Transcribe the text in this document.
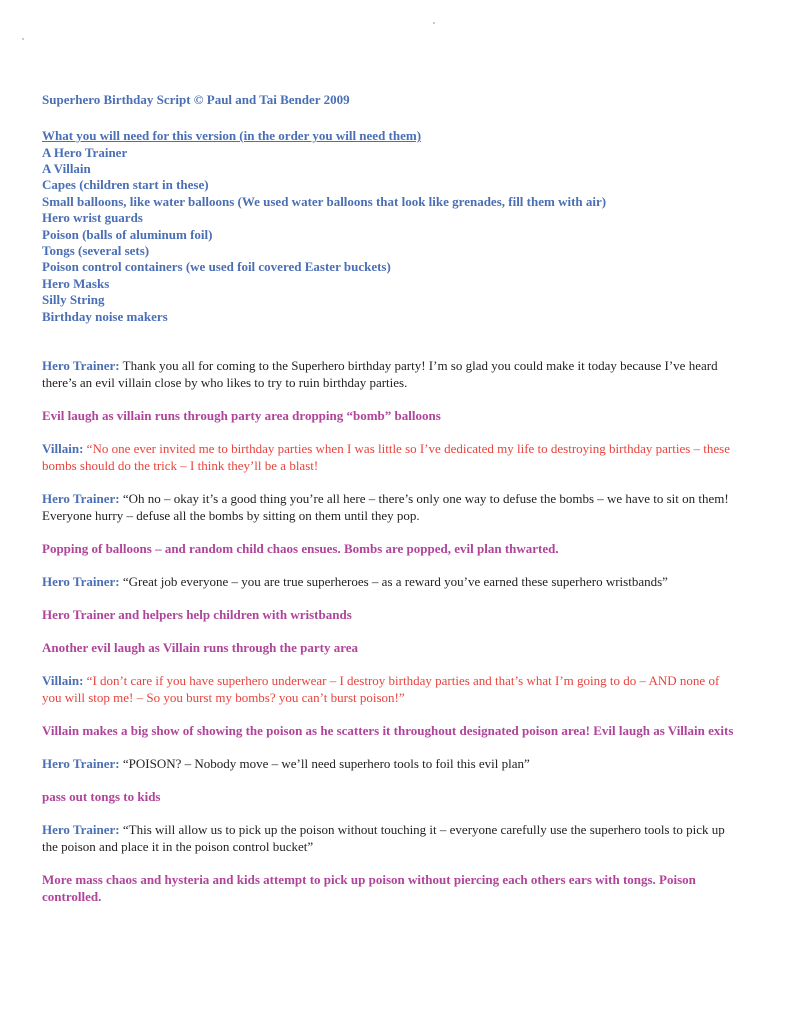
Superhero Birthday Script © Paul and Tai Bender 2009
What you will need for this version (in the order you will need them)
A Hero Trainer
A Villain
Capes (children start in these)
Small balloons, like water balloons (We used water balloons that look like grenades, fill them with air)
Hero wrist guards
Poison (balls of aluminum foil)
Tongs (several sets)
Poison control containers (we used foil covered Easter buckets)
Hero Masks
Silly String
Birthday noise makers

Hero Trainer: Thank you all for coming to the Superhero birthday party! I’m so glad you could make it today because I’ve heard there’s an evil villain close by who likes to try to ruin birthday parties.

Evil laugh as villain runs through party area dropping “bomb” balloons

Villain: “No one ever invited me to birthday parties when I was little so I’ve dedicated my life to destroying birthday parties – these bombs should do the trick – I think they’ll be a blast!

Hero Trainer: “Oh no – okay it’s a good thing you’re all here – there’s only one way to defuse the bombs – we have to sit on them! Everyone hurry – defuse all the bombs by sitting on them until they pop.

Popping of balloons – and random child chaos ensues. Bombs are popped, evil plan thwarted.

Hero Trainer: “Great job everyone – you are true superheroes – as a reward you’ve earned these superhero wristbands”

Hero Trainer and helpers help children with wristbands

Another evil laugh as Villain runs through the party area

Villain: “I don’t care if you have superhero underwear – I destroy birthday parties and that’s what I’m going to do – AND none of you will stop me! – So you burst my bombs? you can’t burst poison!”

Villain makes a big show of showing the poison as he scatters it throughout designated poison area! Evil laugh as Villain exits

Hero Trainer: “POISON? – Nobody move – we’ll need superhero tools to foil this evil plan”

pass out tongs to kids

Hero Trainer: “This will allow us to pick up the poison without touching it – everyone carefully use the superhero tools to pick up the poison and place it in the poison control bucket”

More mass chaos and hysteria and kids attempt to pick up poison without piercing each others ears with tongs. Poison controlled.
